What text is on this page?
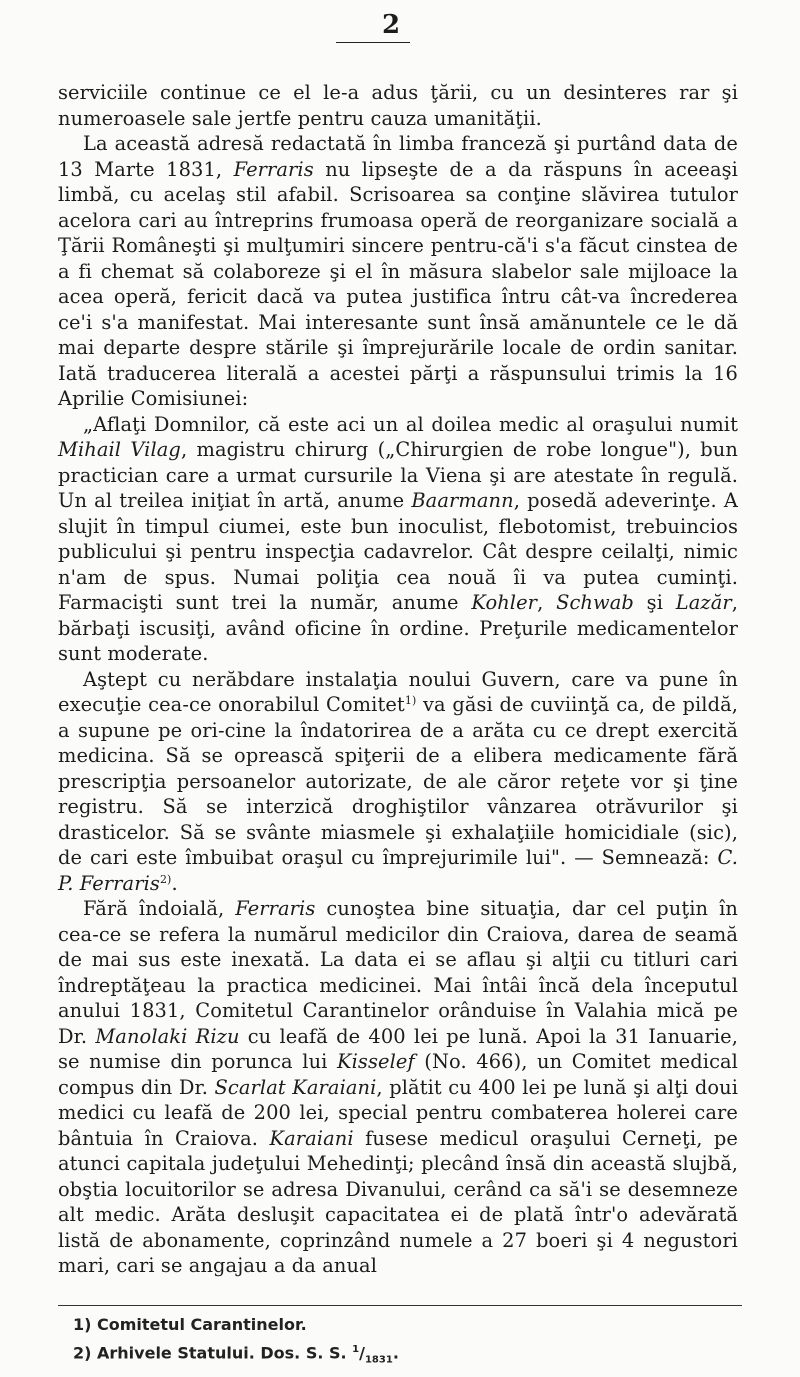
2

serviciile continue ce el le-a adus ţării, cu un desinteres rar şi numeroasele sale jertfe pentru cauza umanităţii.

La această adresă redactată în limba franceză şi purtând data de 13 Marte 1831, Ferraris nu lipseşte de a da răspuns în aceeaşi limbă, cu acelaş stil afabil. Scrisoarea sa conţine slăvirea tutulor acelora cari au întreprins frumoasa operă de reorganizare socială a Ţării Româneşti şi mulţumiri sincere pentru-că'i s'a făcut cinstea de a fi chemat să colaboreze şi el în măsura slabelor sale mijloace la acea operă, fericit dacă va putea justifica întru cât-va încrederea ce'i s'a manifestat. Mai interesante sunt însă amănuntele ce le dă mai departe despre stările şi împrejurările locale de ordin sanitar. Iată traducerea literală a acestei părţi a răspunsului trimis la 16 Aprilie Comisiunei:

„Aflaţi Domnilor, că este aci un al doilea medic al oraşului numit Mihail Vilag, magistru chirurg („Chirurgien de robe longue"), bun practician care a urmat cursurile la Viena şi are atestate în regulă. Un al treilea iniţiat în artă, anume Baarmann, posedă adeverinţe. A slujit în timpul ciumei, este bun inoculist, flebotomist, trebuincios publicului şi pentru inspecţia cadavrelor. Cât despre ceilalţi, nimic n'am de spus. Numai poliţia cea nouă îi va putea cuminţi. Farmacişti sunt trei la număr, anume Kohler, Schwab şi Lazăr, bărbaţi iscusiţi, având oficine în ordine. Preţurile medicamentelor sunt moderate.

Aştept cu nerăbdare instalaţia noului Guvern, care va pune în execuţie cea-ce onorabilul Comitet$^{1)}$ va găsi de cuviinţă ca, de pildă, a supune pe ori-cine la îndatorirea de a arăta cu ce drept exercită medicina. Să se oprească spiţerii de a elibera medicamente fără prescripţia persoanelor autorizate, de ale căror reţete vor şi ţine registru. Să se interzică droghiştilor vânzarea otrăvurilor şi drasticelor. Să se svânte miasmele şi exhalaţiile homicidiale (sic), de cari este îmbuibat oraşul cu împrejurimile lui". — Semnează: C. P. Ferraris$^{2)}$.

Fără îndoială, Ferraris cunoştea bine situaţia, dar cel puţin în cea-ce se refera la numărul medicilor din Craiova, darea de seamă de mai sus este inexată. La data ei se aflau şi alţii cu titluri cari îndreptăţeau la practica medicinei. Mai întâi încă dela începutul anului 1831, Comitetul Carantinelor orânduise în Valahia mică pe Dr. Manolaki Rizu cu leafă de 400 lei pe lună. Apoi la 31 Ianuarie, se numise din porunca lui Kisselef (No. 466), un Comitet medical compus din Dr. Scarlat Karaiani, plătit cu 400 lei pe lună şi alţi doui medici cu leafă de 200 lei, special pentru combaterea holerei care bântuia în Craiova. Karaiani fusese medicul oraşului Cerneţi, pe atunci capitala judeţului Mehedinţi; plecând însă din această slujbă, obştia locuitorilor se adresa Divanului, cerând ca să'i se desemneze alt medic. Arăta desluşit capacitatea ei de plată într'o adevărată listă de abonamente, coprinzând numele a 27 boeri şi 4 negustori mari, cari se angajau a da anual

1) Comitetul Carantinelor.
2) Arhivele Statului. Dos. S. S. $^1/_{1831}$.
